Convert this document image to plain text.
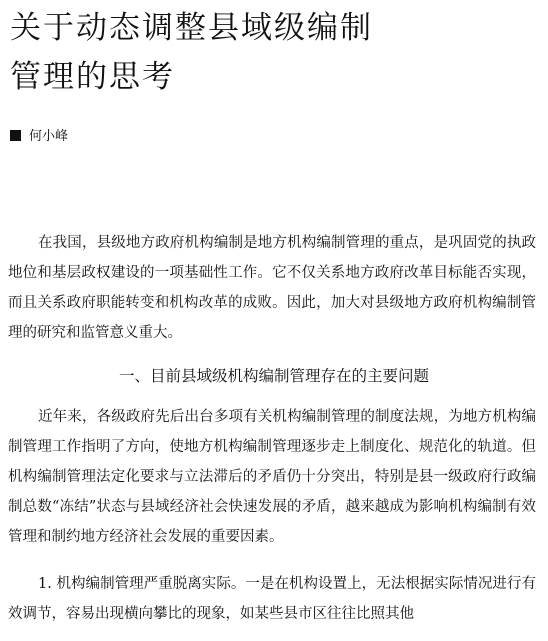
关于动态调整县域级编制
管理的思考
何小峰

在我国，县级地方政府机构编制是地方机构编制管理的重点，是巩固党的执政地位和基层政权建设的一项基础性工作。它不仅关系地方政府改革目标能否实现，而且关系政府职能转变和机构改革的成败。因此，加大对县级地方政府机构编制管理的研究和监管意义重大。

一、目前县域级机构编制管理存在的主要问题

近年来，各级政府先后出台多项有关机构编制管理的制度法规，为地方机构编制管理工作指明了方向，使地方机构编制管理逐步走上制度化、规范化的轨道。但机构编制管理法定化要求与立法滞后的矛盾仍十分突出，特别是县一级政府行政编制总数“冻结”状态与县域经济社会快速发展的矛盾，越来越成为影响机构编制有效管理和制约地方经济社会发展的重要因素。

1. 机构编制管理严重脱离实际。一是在机构设置上，无法根据实际情况进行有效调节，容易出现横向攀比的现象，如某些县市区往往比照其他
